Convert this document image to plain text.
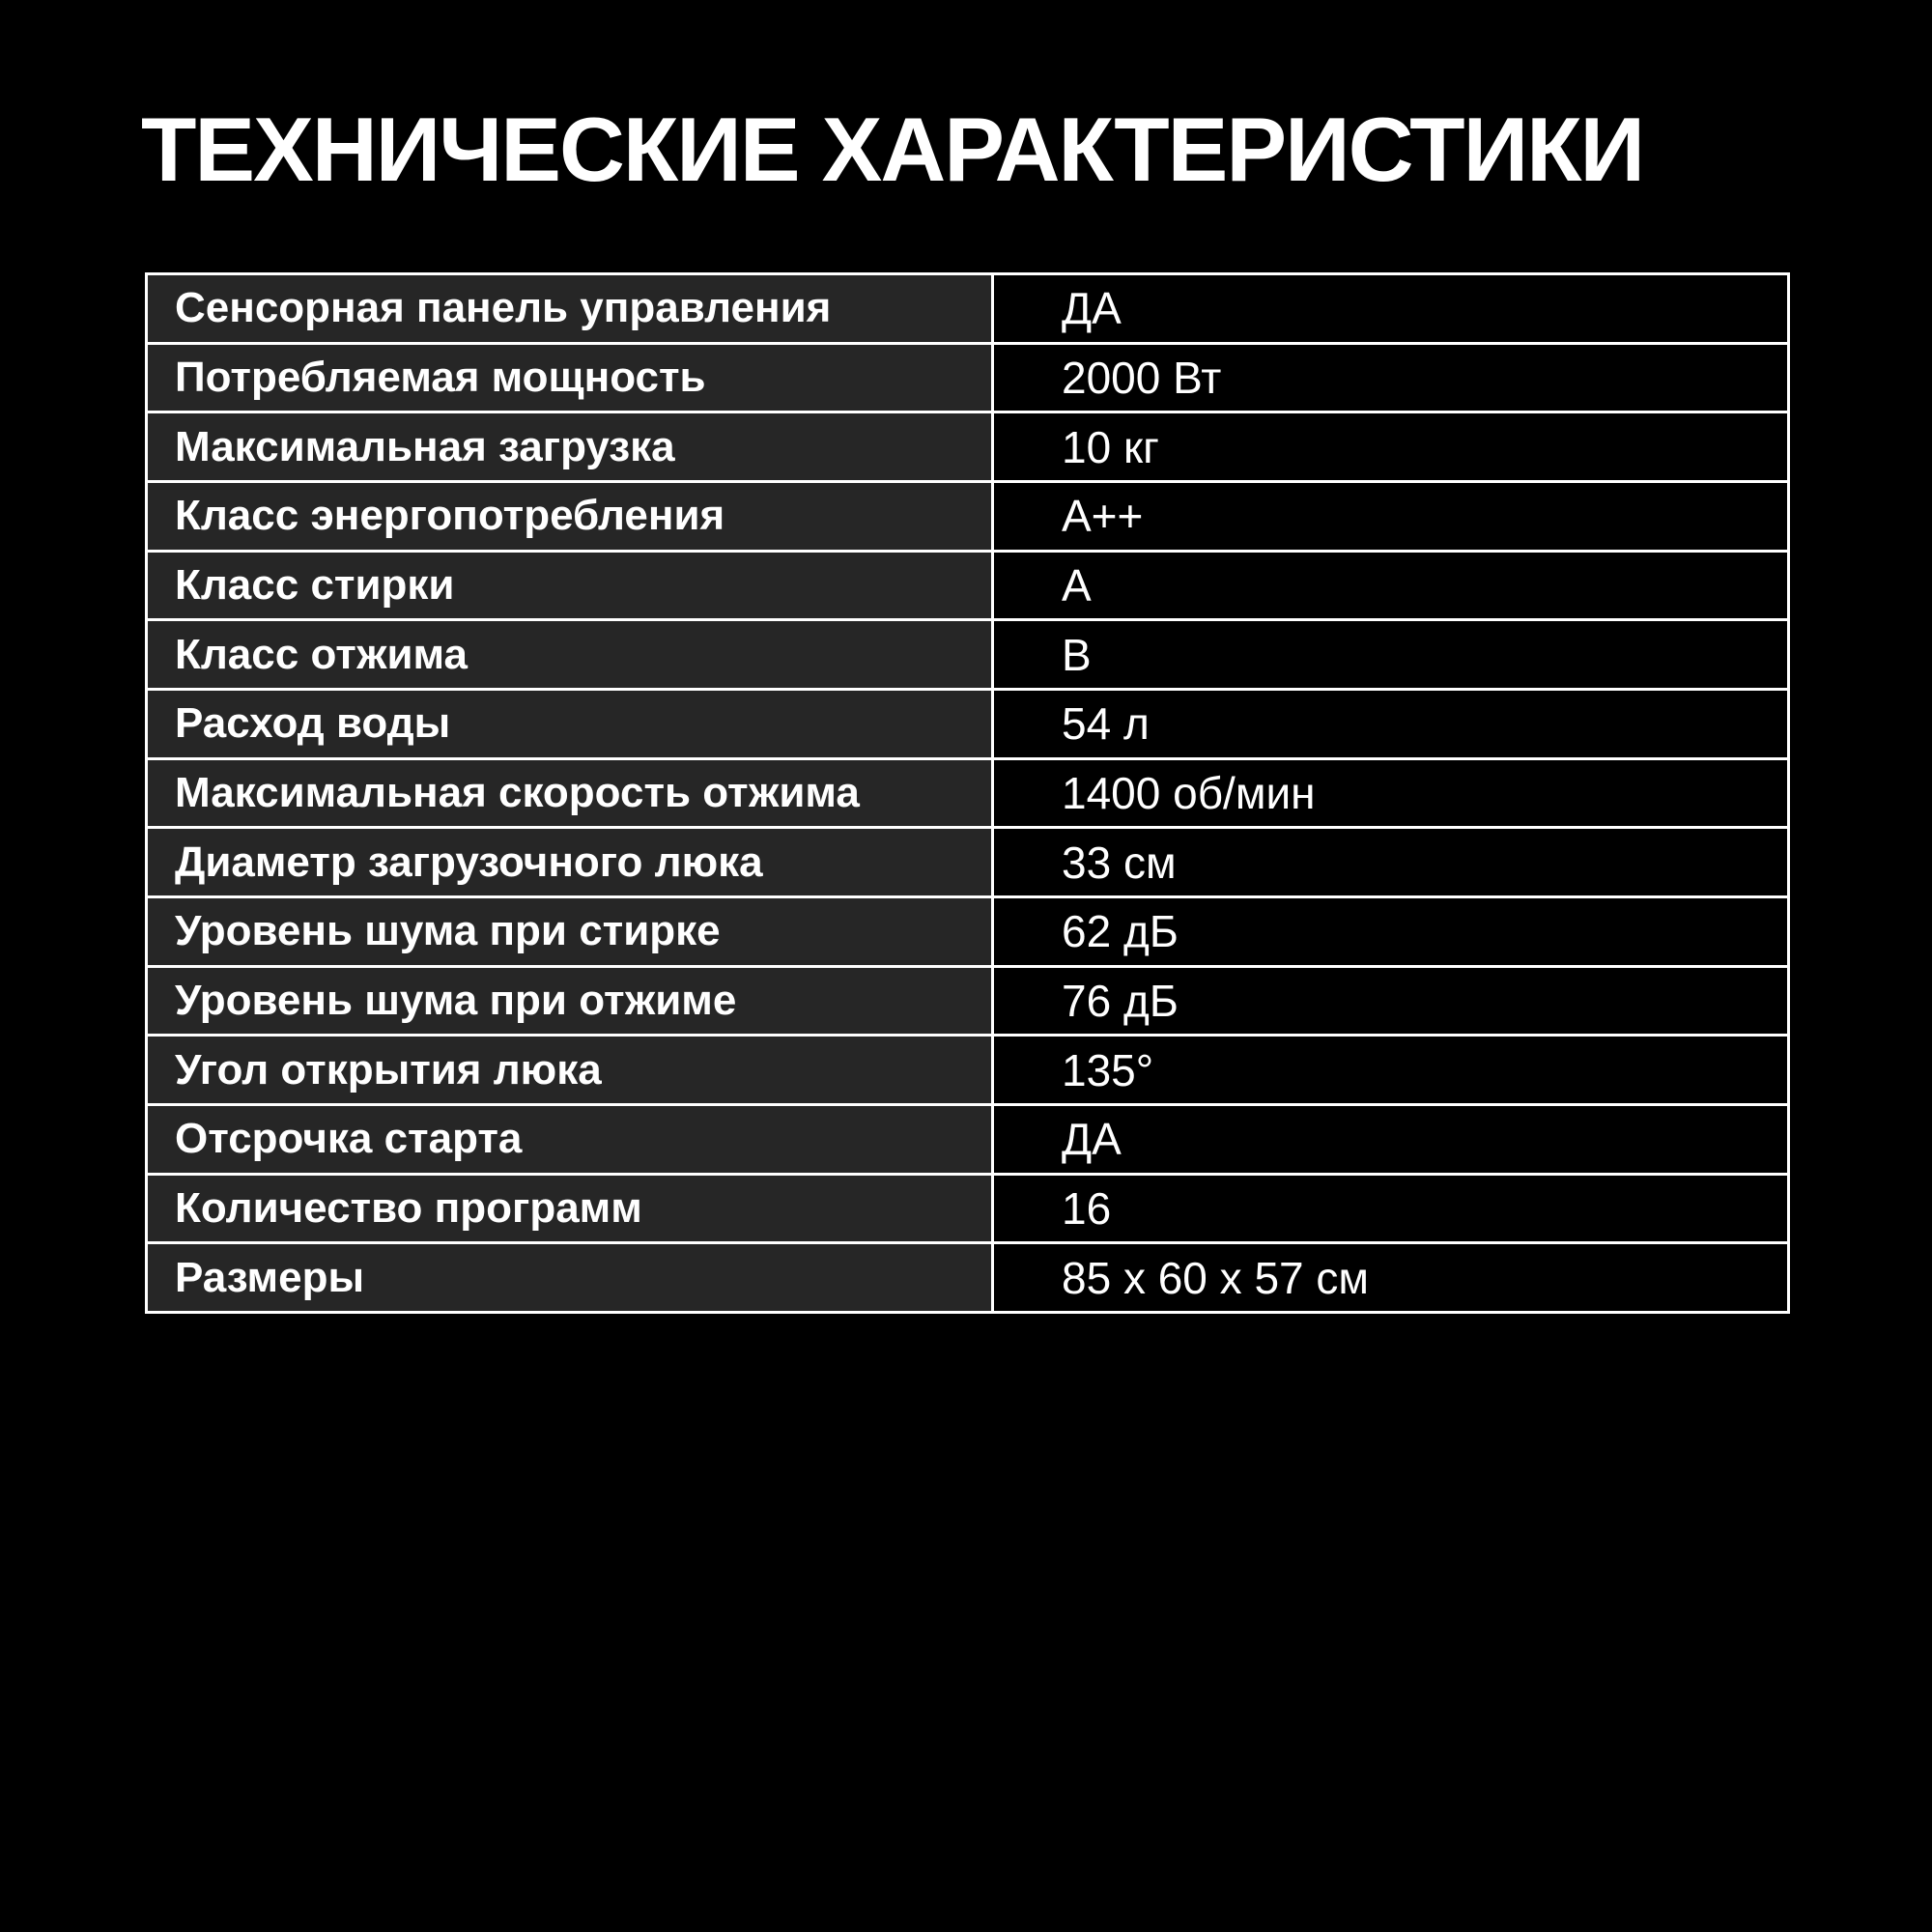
ТЕХНИЧЕСКИЕ ХАРАКТЕРИСТИКИ
Сенсорная панель управления	ДА
Потребляемая мощность	2000 Вт
Максимальная загрузка	10 кг
Класс энергопотребления	A++
Класс стирки	A
Класс отжима	B
Расход воды	54 л
Максимальная скорость отжима	1400 об/мин
Диаметр загрузочного люка	33 см
Уровень шума при стирке	62 дБ
Уровень шума при отжиме	76 дБ
Угол открытия люка	135°
Отсрочка старта	ДА
Количество программ	16
Размеры	85 x 60 x 57 см
